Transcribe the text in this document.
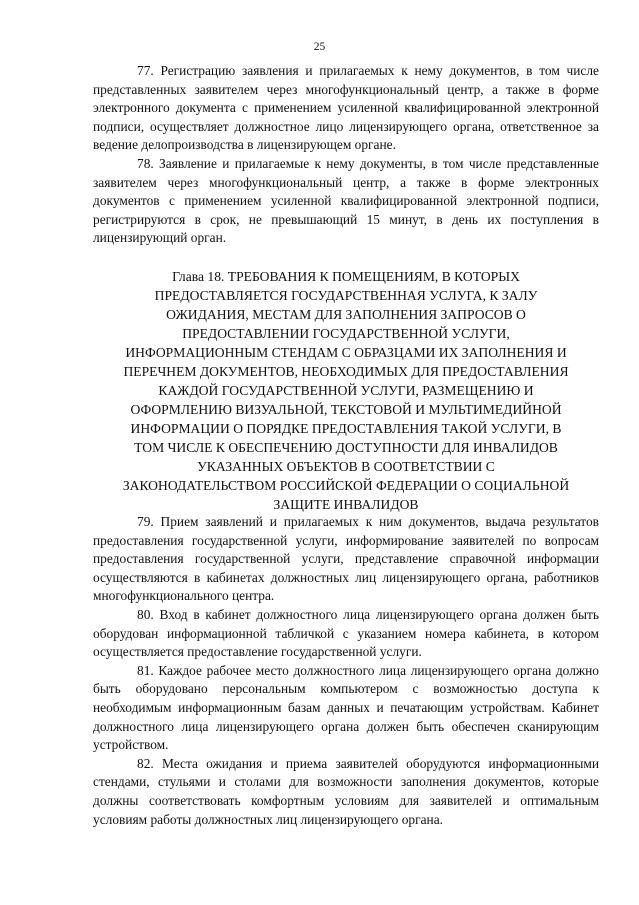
25

77. Регистрацию заявления и прилагаемых к нему документов, в том числе представленных заявителем через многофункциональный центр, а также в форме электронного документа с применением усиленной квалифицированной электронной подписи, осуществляет должностное лицо лицензирующего органа, ответственное за ведение делопроизводства в лицензирующем органе.

78. Заявление и прилагаемые к нему документы, в том числе представленные заявителем через многофункциональный центр, а также в форме электронных документов с применением усиленной квалифицированной электронной подписи, регистрируются в срок, не превышающий 15 минут, в день их поступления в лицензирующий орган.

Глава 18. ТРЕБОВАНИЯ К ПОМЕЩЕНИЯМ, В КОТОРЫХ
ПРЕДОСТАВЛЯЕТСЯ ГОСУДАРСТВЕННАЯ УСЛУГА, К ЗАЛУ
ОЖИДАНИЯ, МЕСТАМ ДЛЯ ЗАПОЛНЕНИЯ ЗАПРОСОВ О
ПРЕДОСТАВЛЕНИИ ГОСУДАРСТВЕННОЙ УСЛУГИ,
ИНФОРМАЦИОННЫМ СТЕНДАМ С ОБРАЗЦАМИ ИХ ЗАПОЛНЕНИЯ И
ПЕРЕЧНЕМ ДОКУМЕНТОВ, НЕОБХОДИМЫХ ДЛЯ ПРЕДОСТАВЛЕНИЯ
КАЖДОЙ ГОСУДАРСТВЕННОЙ УСЛУГИ, РАЗМЕЩЕНИЮ И
ОФОРМЛЕНИЮ ВИЗУАЛЬНОЙ, ТЕКСТОВОЙ И МУЛЬТИМЕДИЙНОЙ
ИНФОРМАЦИИ О ПОРЯДКЕ ПРЕДОСТАВЛЕНИЯ ТАКОЙ УСЛУГИ, В
ТОМ ЧИСЛЕ К ОБЕСПЕЧЕНИЮ ДОСТУПНОСТИ ДЛЯ ИНВАЛИДОВ
УКАЗАННЫХ ОБЪЕКТОВ В СООТВЕТСТВИИ С
ЗАКОНОДАТЕЛЬСТВОМ РОССИЙСКОЙ ФЕДЕРАЦИИ О СОЦИАЛЬНОЙ
ЗАЩИТЕ ИНВАЛИДОВ

79. Прием заявлений и прилагаемых к ним документов, выдача результатов предоставления государственной услуги, информирование заявителей по вопросам предоставления государственной услуги, представление справочной информации осуществляются в кабинетах должностных лиц лицензирующего органа, работников многофункционального центра.

80. Вход в кабинет должностного лица лицензирующего органа должен быть оборудован информационной табличкой с указанием номера кабинета, в котором осуществляется предоставление государственной услуги.

81. Каждое рабочее место должностного лица лицензирующего органа должно быть оборудовано персональным компьютером с возможностью доступа к необходимым информационным базам данных и печатающим устройствам. Кабинет должностного лица лицензирующего органа должен быть обеспечен сканирующим устройством.

82. Места ожидания и приема заявителей оборудуются информационными стендами, стульями и столами для возможности заполнения документов, которые должны соответствовать комфортным условиям для заявителей и оптимальным условиям работы должностных лиц лицензирующего органа.
